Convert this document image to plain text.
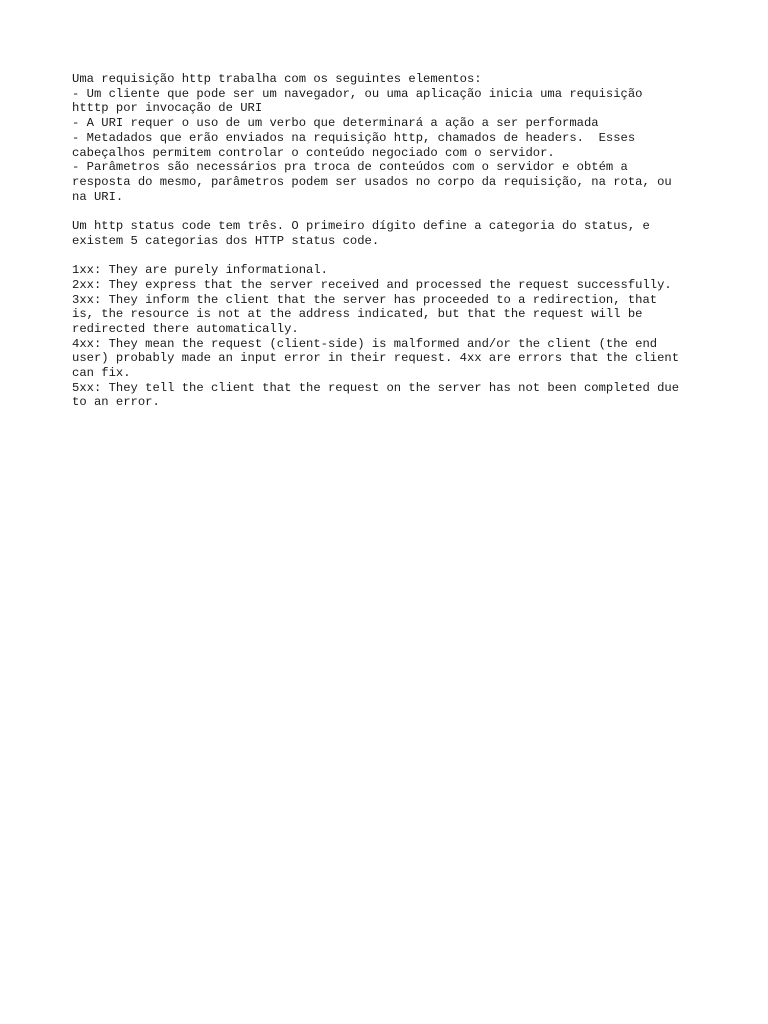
Uma requisição http trabalha com os seguintes elementos:
- Um cliente que pode ser um navegador, ou uma aplicação inicia uma requisição
htttp por invocação de URI
- A URI requer o uso de um verbo que determinará a ação a ser performada
- Metadados que erão enviados na requisição http, chamados de headers.  Esses
cabeçalhos permitem controlar o conteúdo negociado com o servidor.
- Parâmetros são necessários pra troca de conteúdos com o servidor e obtém a
resposta do mesmo, parâmetros podem ser usados no corpo da requisição, na rota, ou
na URI.
Um http status code tem três. O primeiro dígito define a categoria do status, e
existem 5 categorias dos HTTP status code.
1xx: They are purely informational.
2xx: They express that the server received and processed the request successfully.
3xx: They inform the client that the server has proceeded to a redirection, that
is, the resource is not at the address indicated, but that the request will be
redirected there automatically.
4xx: They mean the request (client-side) is malformed and/or the client (the end
user) probably made an input error in their request. 4xx are errors that the client
can fix.
5xx: They tell the client that the request on the server has not been completed due
to an error.
